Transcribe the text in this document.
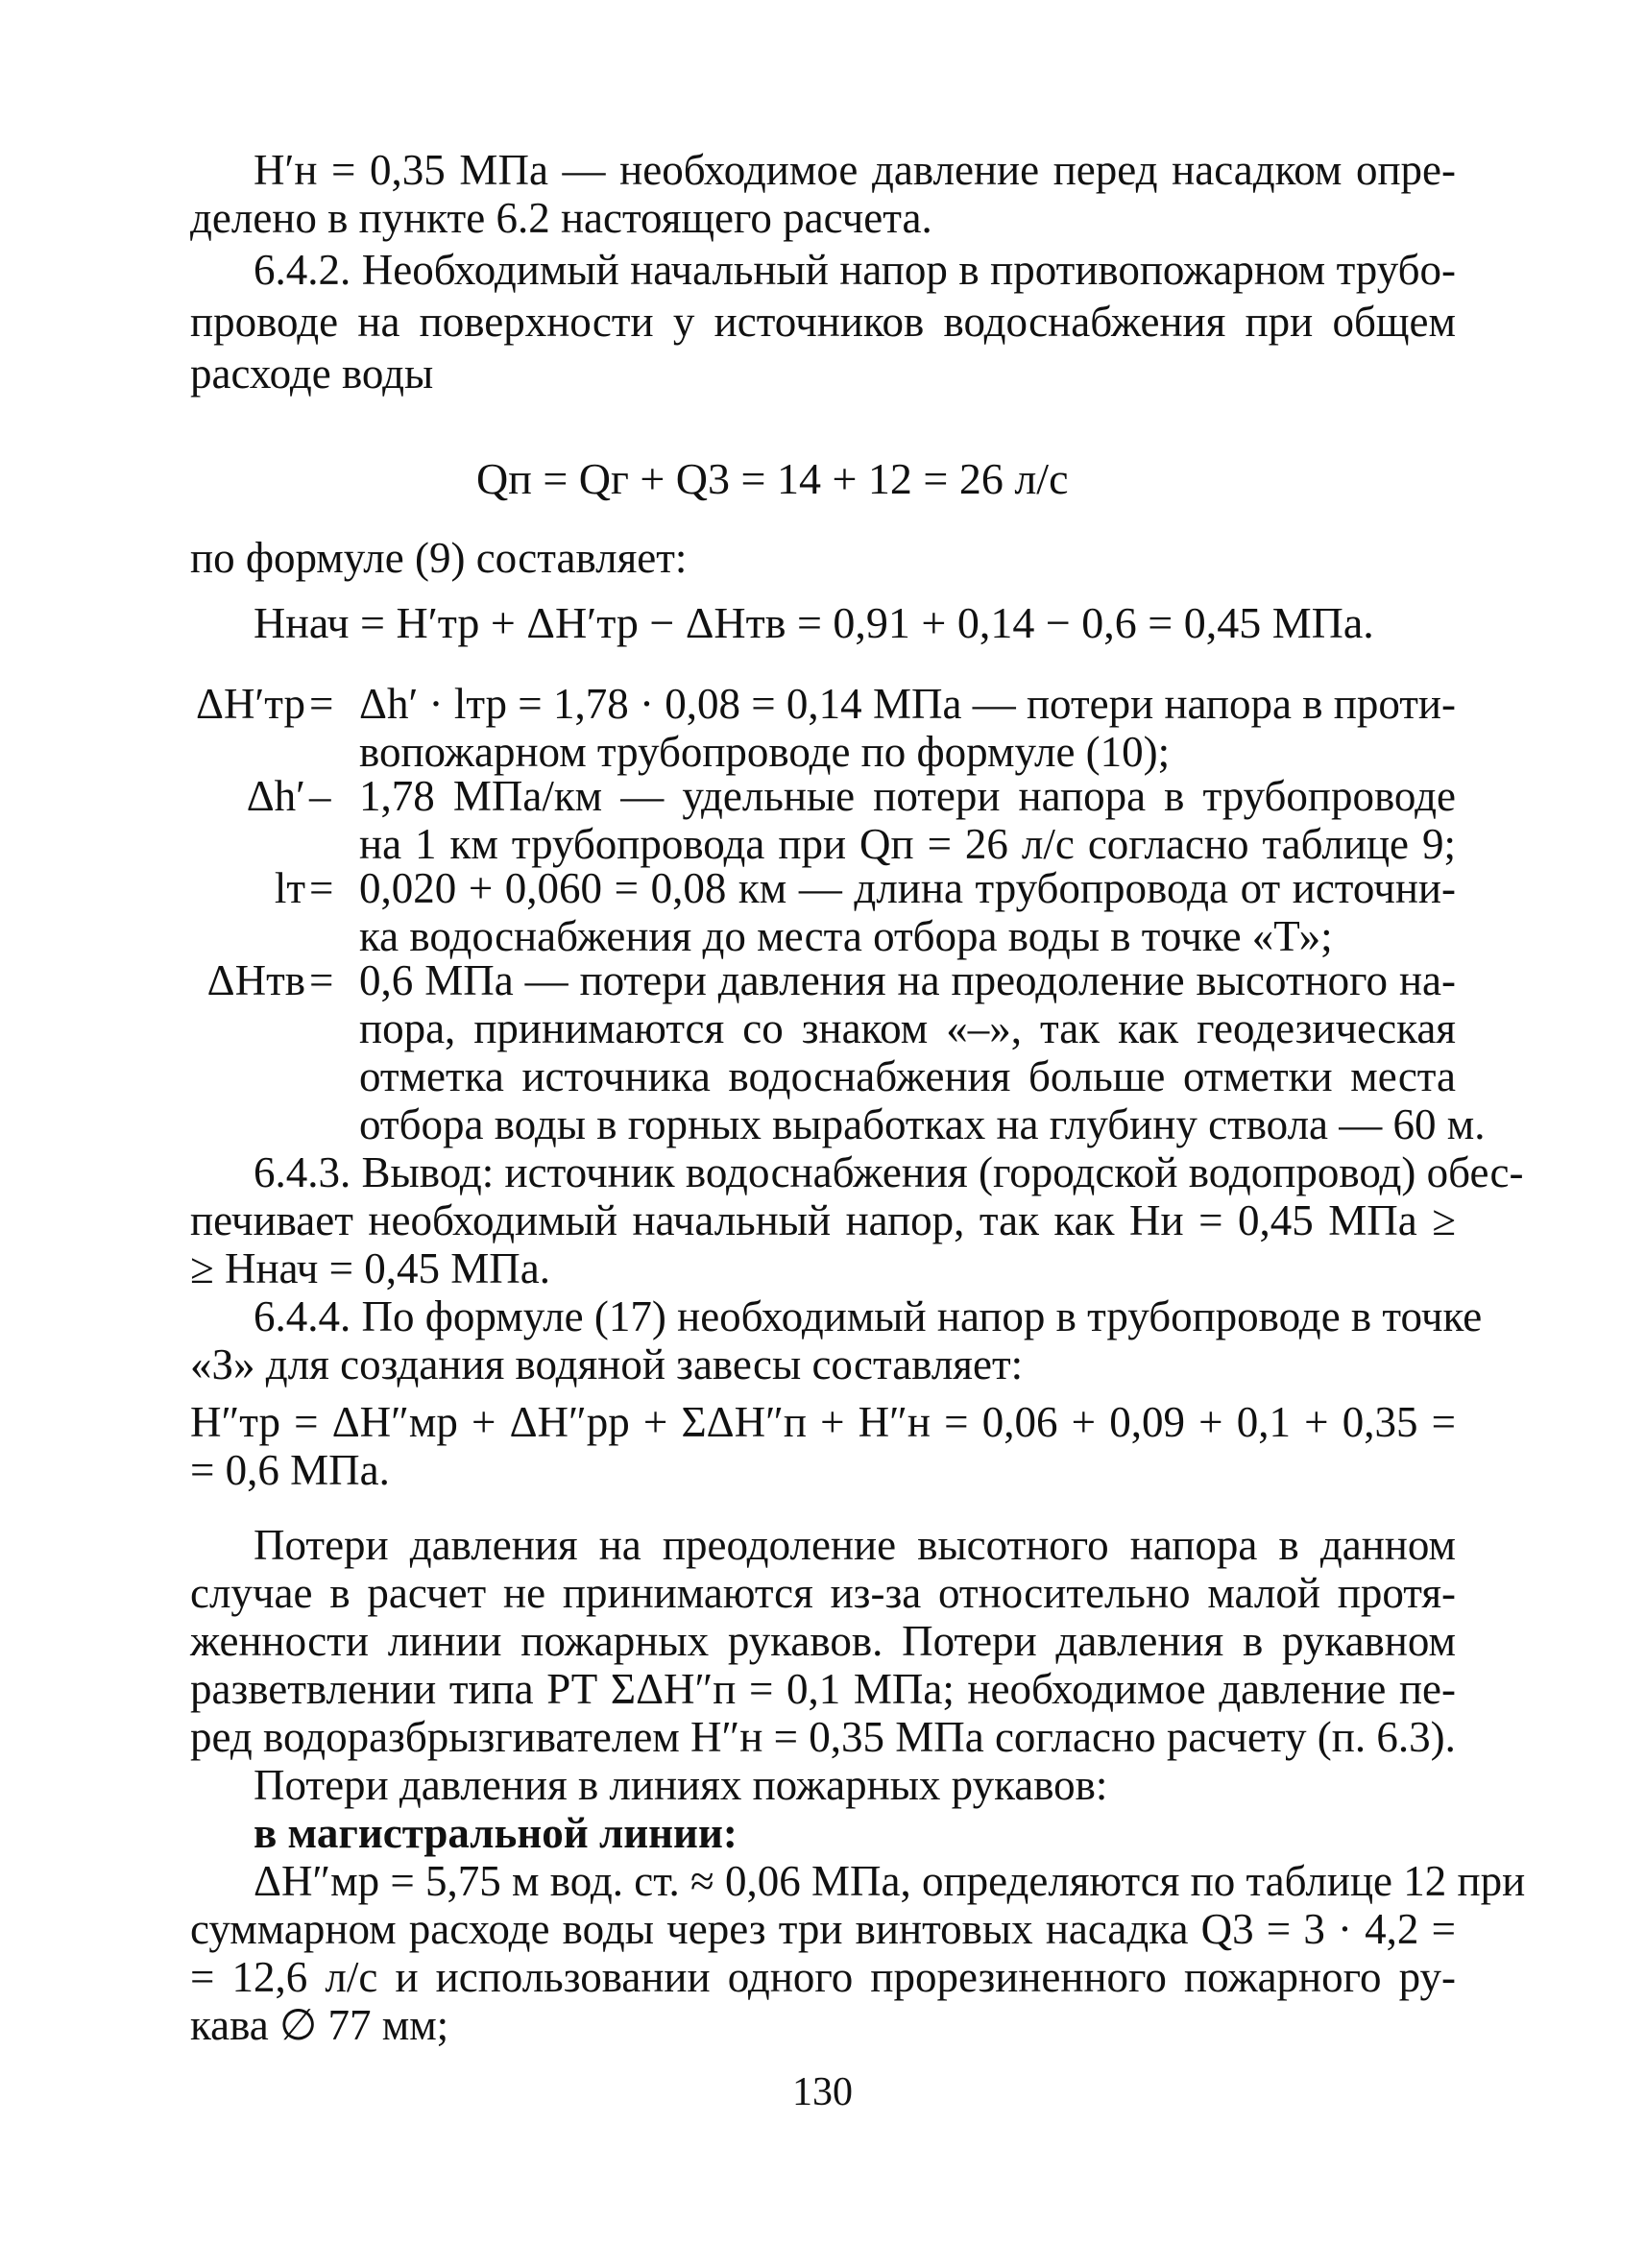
H′н = 0,35 МПа — необходимое давление перед насадком опре-
делено в пункте 6.2 настоящего расчета.
6.4.2. Необходимый начальный напор в противопожарном трубо-
проводе на поверхности у источников водоснабжения при общем
расходе воды
Qп = Qг + Q3 = 14 + 12 = 26 л/с
по формуле (9) составляет:
Hнач = H′тр + ΔH′тр − ΔHтв = 0,91 + 0,14 − 0,6 = 0,45 МПа.
ΔH′тр = Δh′ · lтр = 1,78 · 0,08 = 0,14 МПа — потери напора в проти-
вопожарном трубопроводе по формуле (10);
Δh′ – 1,78 МПа/км — удельные потери напора в трубопроводе
на 1 км трубопровода при Qп = 26 л/с согласно таблице 9;
lт = 0,020 + 0,060 = 0,08 км — длина трубопровода от источни-
ка водоснабжения до места отбора воды в точке «Т»;
ΔHтв = 0,6 МПа — потери давления на преодоление высотного на-
пора, принимаются со знаком «–», так как геодезическая
отметка источника водоснабжения больше отметки места
отбора воды в горных выработках на глубину ствола — 60 м.
6.4.3. Вывод: источник водоснабжения (городской водопровод) обес-
печивает необходимый начальный напор, так как Hи = 0,45 МПа ≥
≥ Hнач = 0,45 МПа.
6.4.4. По формуле (17) необходимый напор в трубопроводе в точке
«З» для создания водяной завесы составляет:
H″тр = ΔH″мр + ΔH″рр + ΣΔH″п + H″н = 0,06 + 0,09 + 0,1 + 0,35 =
= 0,6 МПа.
Потери давления на преодоление высотного напора в данном
случае в расчет не принимаются из-за относительно малой протя-
женности линии пожарных рукавов. Потери давления в рукавном
разветвлении типа РТ ΣΔH″п = 0,1 МПа; необходимое давление пе-
ред водоразбрызгивателем H″н = 0,35 МПа согласно расчету (п. 6.3).
Потери давления в линиях пожарных рукавов:
в магистральной линии:
ΔH″мр = 5,75 м вод. ст. ≈ 0,06 МПа, определяются по таблице 12 при
суммарном расходе воды через три винтовых насадка Q3 = 3 · 4,2 =
= 12,6 л/с и использовании одного прорезиненного пожарного ру-
кава ∅ 77 мм;
130
